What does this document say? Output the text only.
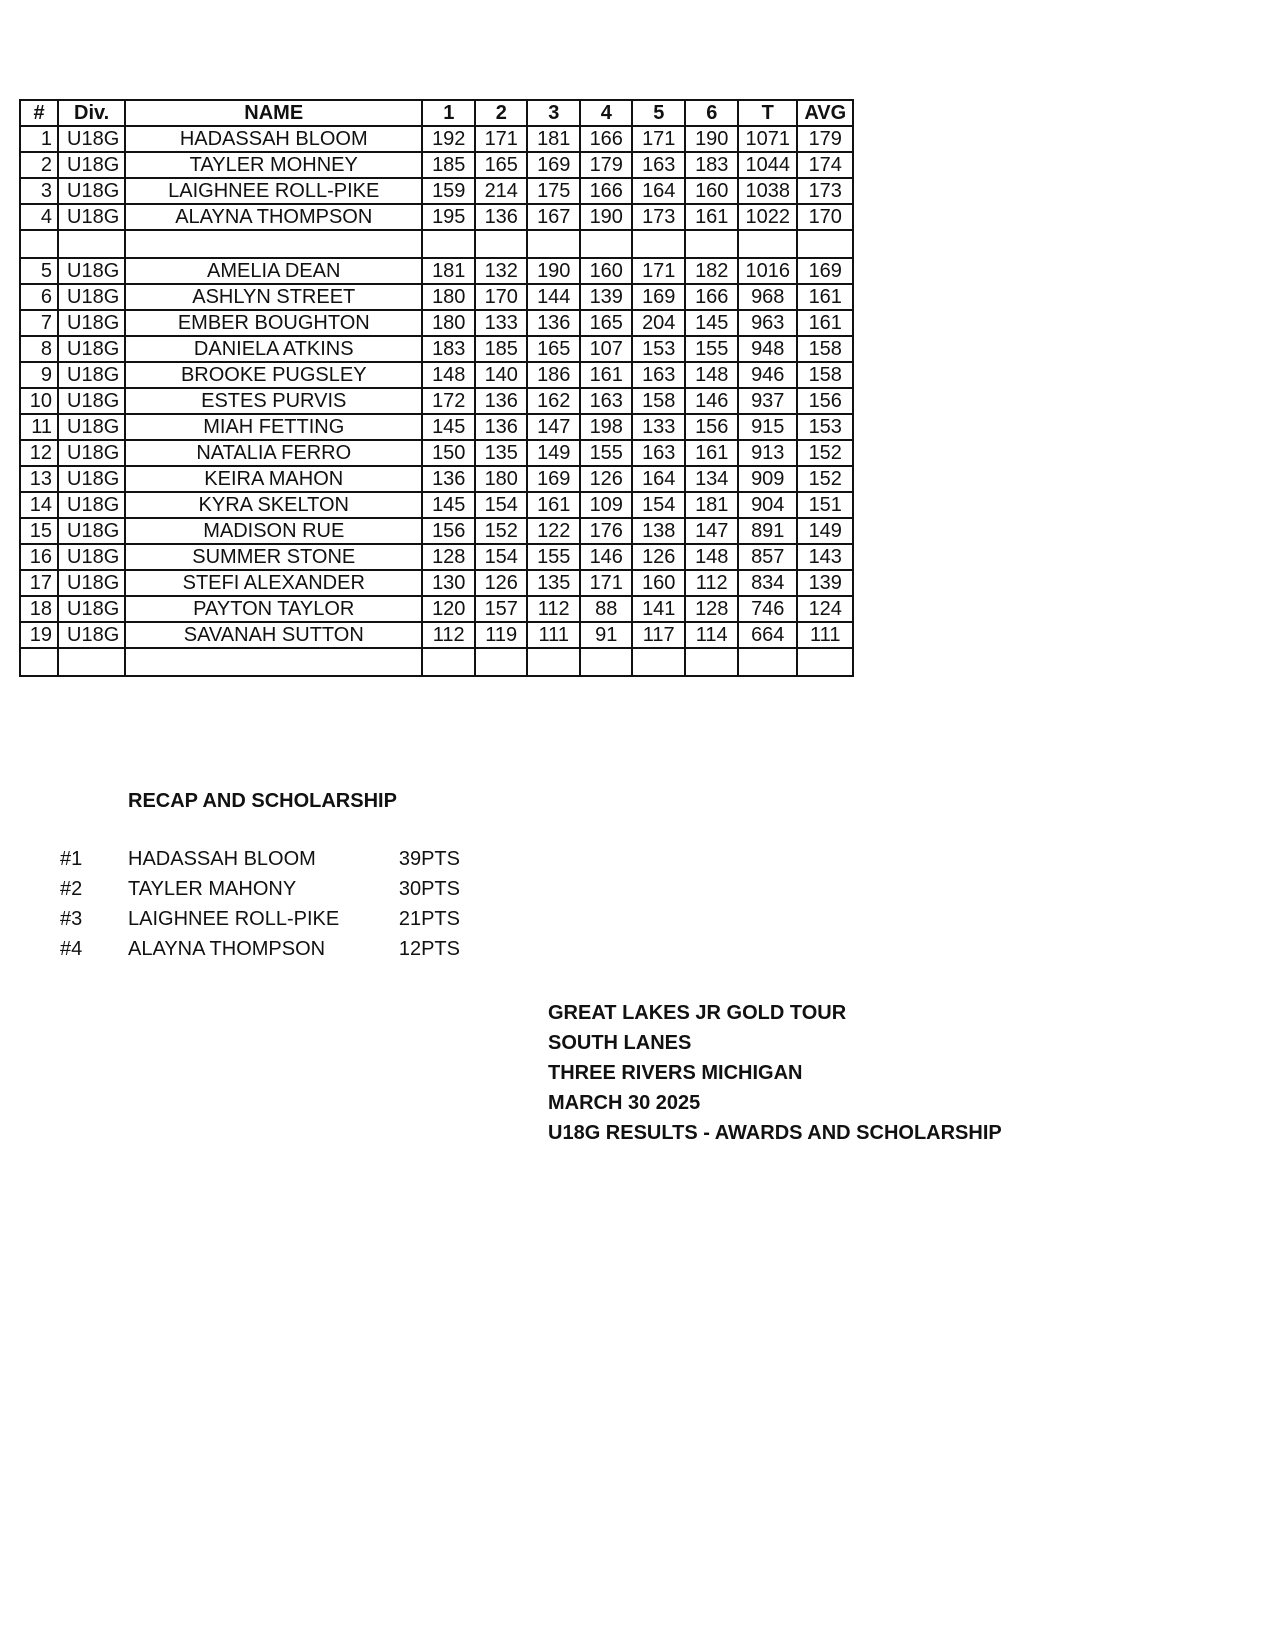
#	Div.	NAME	1	2	3	4	5	6	T	AVG
1	U18G	HADASSAH BLOOM	192	171	181	166	171	190	1071	179
2	U18G	TAYLER MOHNEY	185	165	169	179	163	183	1044	174
3	U18G	LAIGHNEE ROLL-PIKE	159	214	175	166	164	160	1038	173
4	U18G	ALAYNA THOMPSON	195	136	167	190	173	161	1022	170

5	U18G	AMELIA DEAN	181	132	190	160	171	182	1016	169
6	U18G	ASHLYN STREET	180	170	144	139	169	166	968	161
7	U18G	EMBER BOUGHTON	180	133	136	165	204	145	963	161
8	U18G	DANIELA ATKINS	183	185	165	107	153	155	948	158
9	U18G	BROOKE PUGSLEY	148	140	186	161	163	148	946	158
10	U18G	ESTES PURVIS	172	136	162	163	158	146	937	156
11	U18G	MIAH FETTING	145	136	147	198	133	156	915	153
12	U18G	NATALIA FERRO	150	135	149	155	163	161	913	152
13	U18G	KEIRA MAHON	136	180	169	126	164	134	909	152
14	U18G	KYRA SKELTON	145	154	161	109	154	181	904	151
15	U18G	MADISON RUE	156	152	122	176	138	147	891	149
16	U18G	SUMMER STONE	128	154	155	146	126	148	857	143
17	U18G	STEFI ALEXANDER	130	126	135	171	160	112	834	139
18	U18G	PAYTON TAYLOR	120	157	112	88	141	128	746	124
19	U18G	SAVANAH SUTTON	112	119	111	91	117	114	664	111

RECAP AND SCHOLARSHIP
#1 HADASSAH BLOOM	39PTS
#2 TAYLER MAHONY	30PTS
#3 LAIGHNEE ROLL-PIKE	21PTS
#4 ALAYNA THOMPSON	12PTS
GREAT LAKES JR GOLD TOUR
SOUTH LANES
THREE RIVERS MICHIGAN
MARCH 30 2025
U18G RESULTS - AWARDS AND SCHOLARSHIP
